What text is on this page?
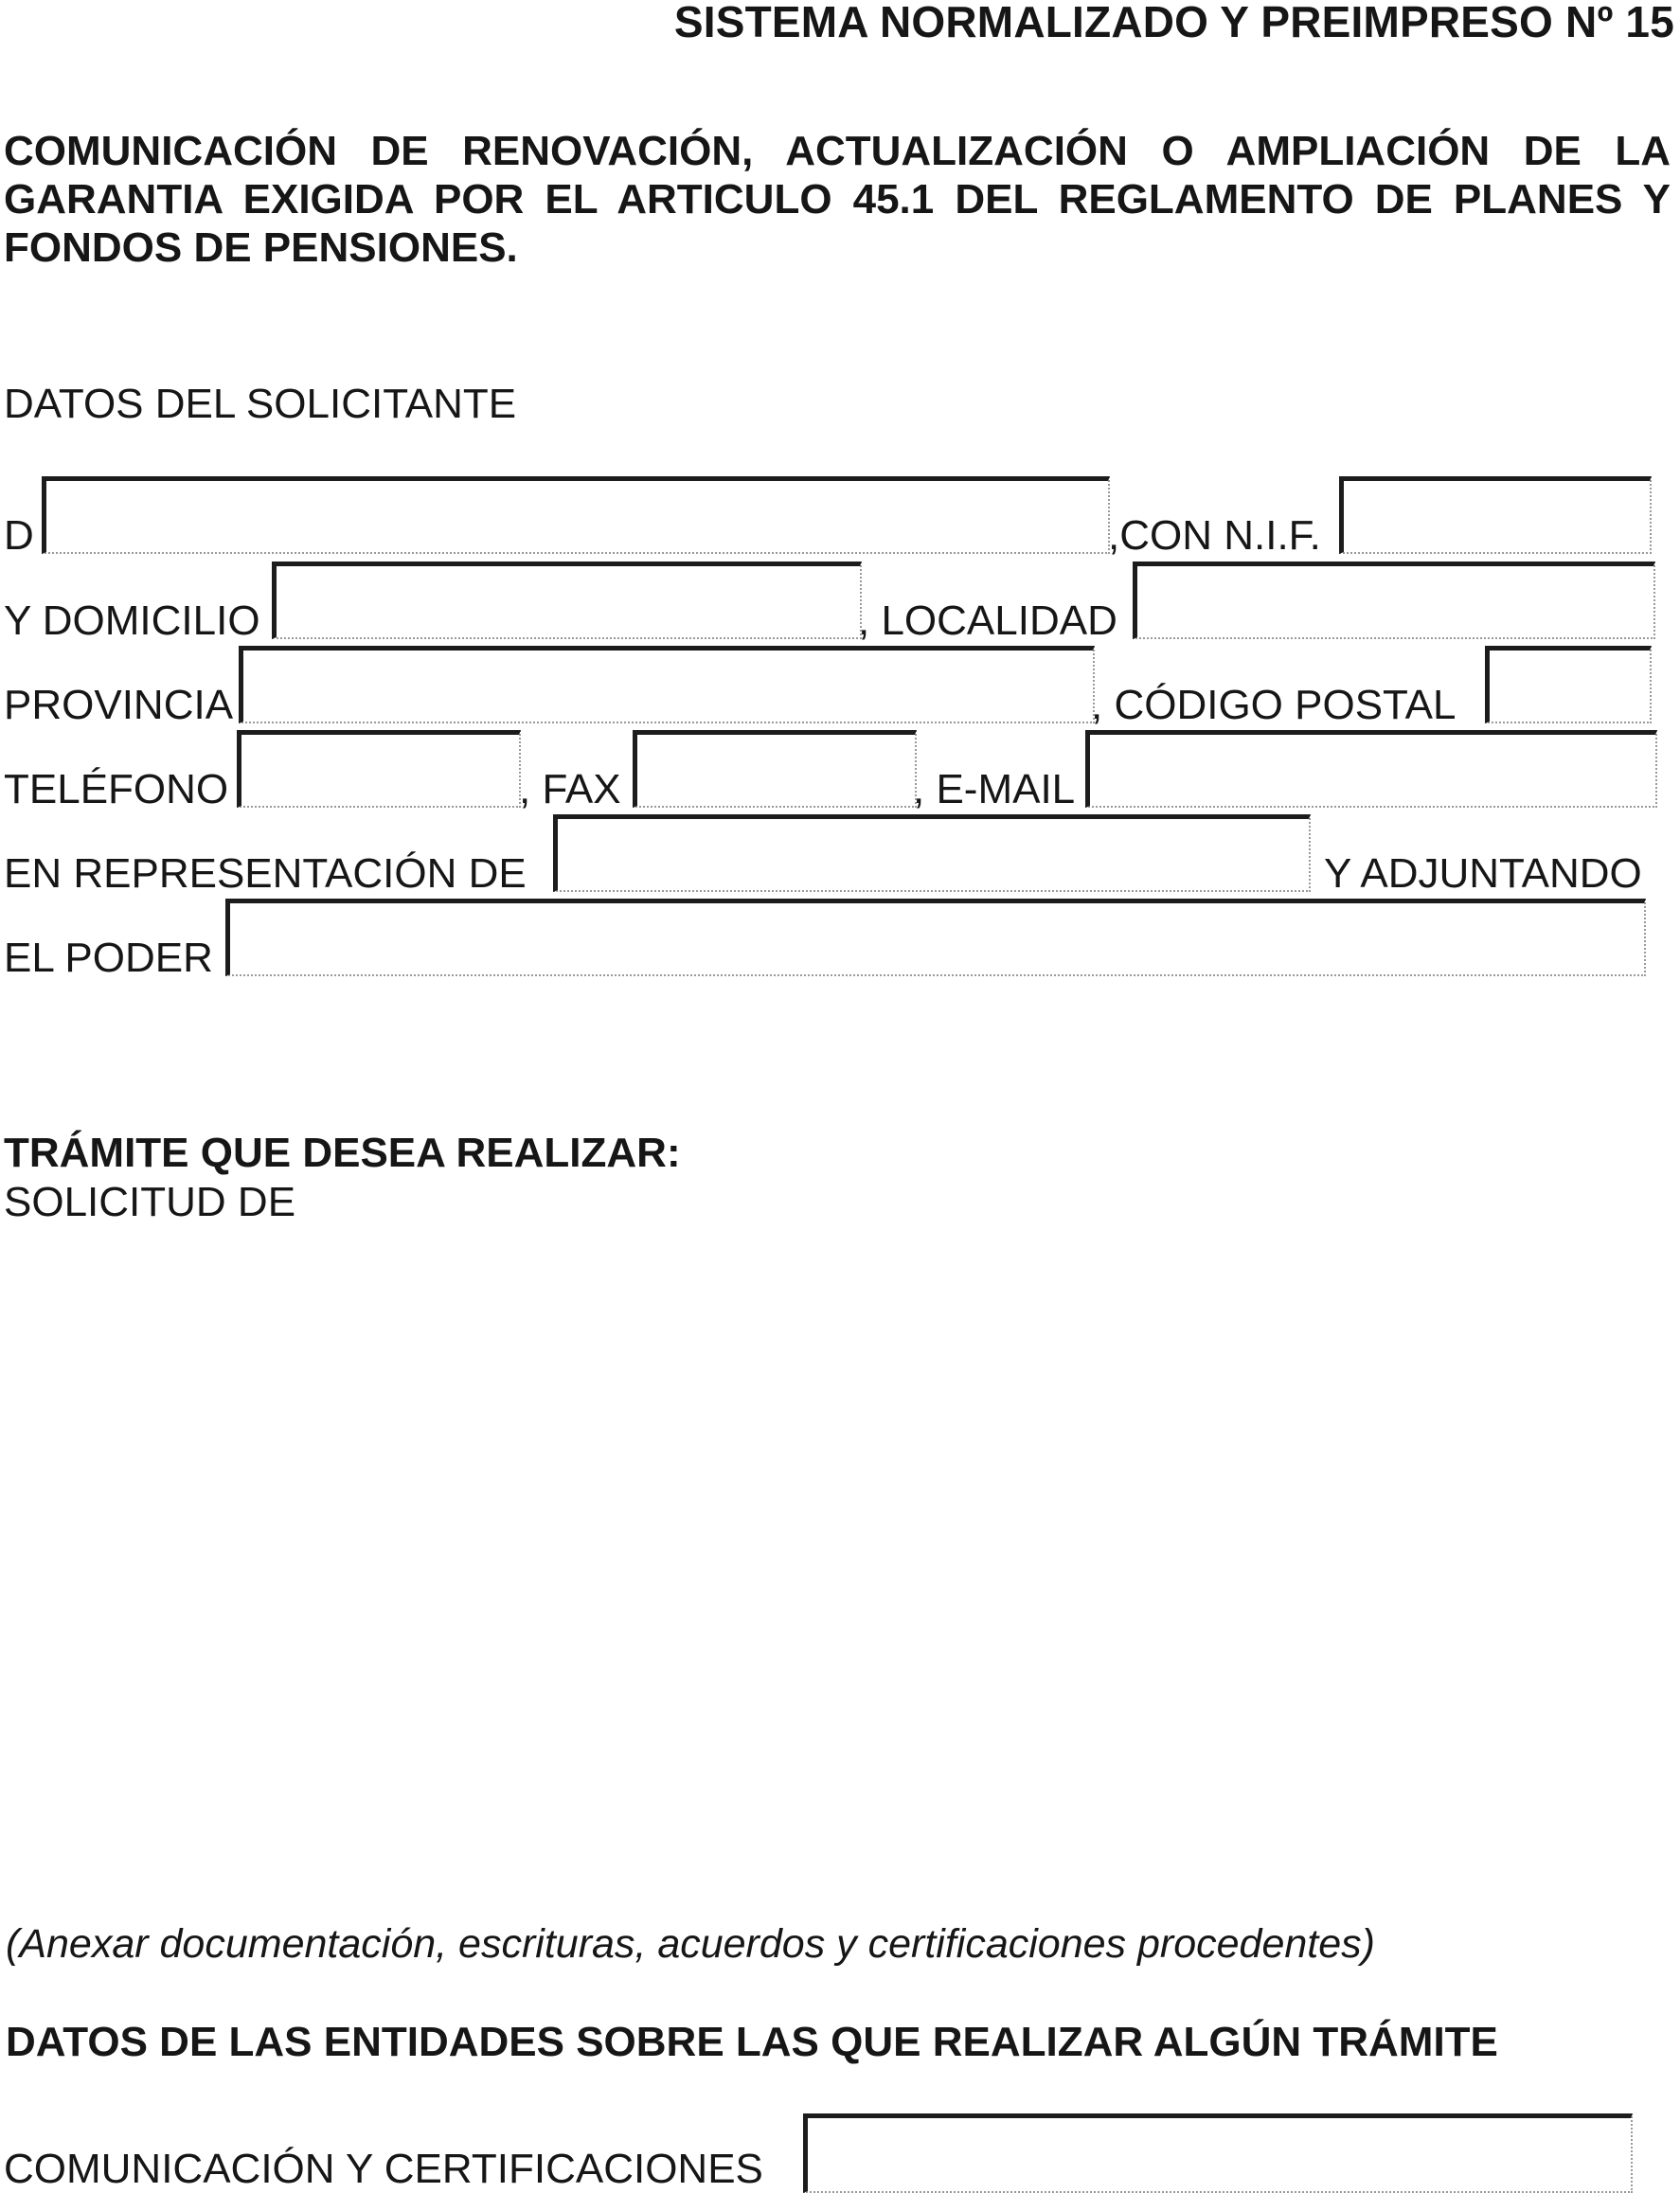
SISTEMA NORMALIZADO Y PREIMPRESO Nº 15
COMUNICACIÓN DE RENOVACIÓN, ACTUALIZACIÓN O AMPLIACIÓN DE LA
GARANTIA EXIGIDA POR EL ARTICULO 45.1 DEL REGLAMENTO DE PLANES Y
FONDOS DE PENSIONES.
DATOS DEL SOLICITANTE
D	,CON N.I.F.
Y DOMICILIO	, LOCALIDAD
PROVINCIA	, CÓDIGO POSTAL
TELÉFONO	, FAX	, E-MAIL
EN REPRESENTACIÓN DE	Y ADJUNTANDO
EL PODER
TRÁMITE QUE DESEA REALIZAR:
SOLICITUD DE
(Anexar documentación, escrituras, acuerdos y certificaciones procedentes)
DATOS DE LAS ENTIDADES SOBRE LAS QUE REALIZAR ALGÚN TRÁMITE
COMUNICACIÓN Y CERTIFICACIONES
